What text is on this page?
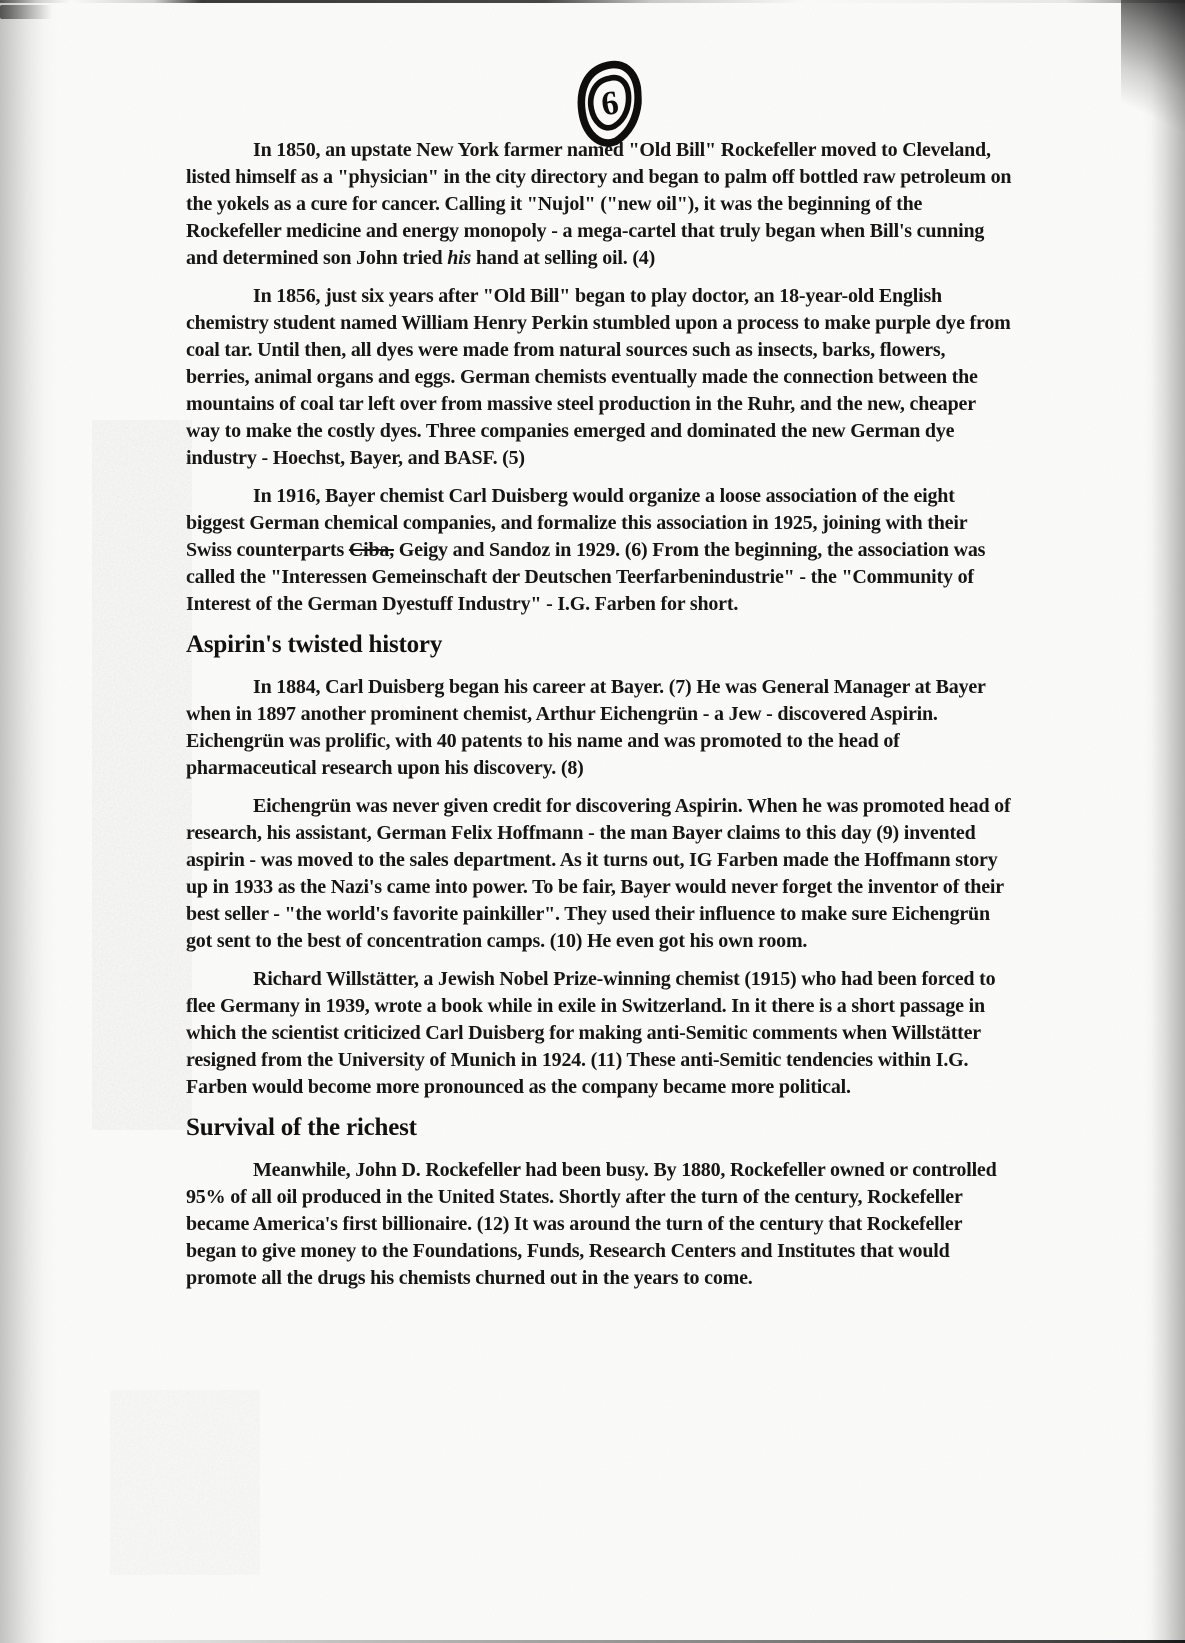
6

In 1850, an upstate New York farmer named "Old Bill" Rockefeller moved to Cleveland, listed himself as a "physician" in the city directory and began to palm off bottled raw petroleum on the yokels as a cure for cancer. Calling it "Nujol" ("new oil"), it was the beginning of the Rockefeller medicine and energy monopoly - a mega-cartel that truly began when Bill's cunning and determined son John tried his hand at selling oil. (4)

In 1856, just six years after "Old Bill" began to play doctor, an 18-year-old English chemistry student named William Henry Perkin stumbled upon a process to make purple dye from coal tar. Until then, all dyes were made from natural sources such as insects, barks, flowers, berries, animal organs and eggs. German chemists eventually made the connection between the mountains of coal tar left over from massive steel production in the Ruhr, and the new, cheaper way to make the costly dyes. Three companies emerged and dominated the new German dye industry - Hoechst, Bayer, and BASF. (5)

In 1916, Bayer chemist Carl Duisberg would organize a loose association of the eight biggest German chemical companies, and formalize this association in 1925, joining with their Swiss counterparts Ciba, Geigy and Sandoz in 1929. (6) From the beginning, the association was called the "Interessen Gemeinschaft der Deutschen Teerfarbenindustrie" - the "Community of Interest of the German Dyestuff Industry" - I.G. Farben for short.

Aspirin's twisted history

In 1884, Carl Duisberg began his career at Bayer. (7) He was General Manager at Bayer when in 1897 another prominent chemist, Arthur Eichengrün - a Jew - discovered Aspirin. Eichengrün was prolific, with 40 patents to his name and was promoted to the head of pharmaceutical research upon his discovery. (8)

Eichengrün was never given credit for discovering Aspirin. When he was promoted head of research, his assistant, German Felix Hoffmann - the man Bayer claims to this day (9) invented aspirin - was moved to the sales department. As it turns out, IG Farben made the Hoffmann story up in 1933 as the Nazi's came into power. To be fair, Bayer would never forget the inventor of their best seller - "the world's favorite painkiller". They used their influence to make sure Eichengrün got sent to the best of concentration camps. (10) He even got his own room.

Richard Willstätter, a Jewish Nobel Prize-winning chemist (1915) who had been forced to flee Germany in 1939, wrote a book while in exile in Switzerland. In it there is a short passage in which the scientist criticized Carl Duisberg for making anti-Semitic comments when Willstätter resigned from the University of Munich in 1924. (11) These anti-Semitic tendencies within I.G. Farben would become more pronounced as the company became more political.

Survival of the richest

Meanwhile, John D. Rockefeller had been busy. By 1880, Rockefeller owned or controlled 95% of all oil produced in the United States. Shortly after the turn of the century, Rockefeller became America's first billionaire. (12) It was around the turn of the century that Rockefeller began to give money to the Foundations, Funds, Research Centers and Institutes that would promote all the drugs his chemists churned out in the years to come.
